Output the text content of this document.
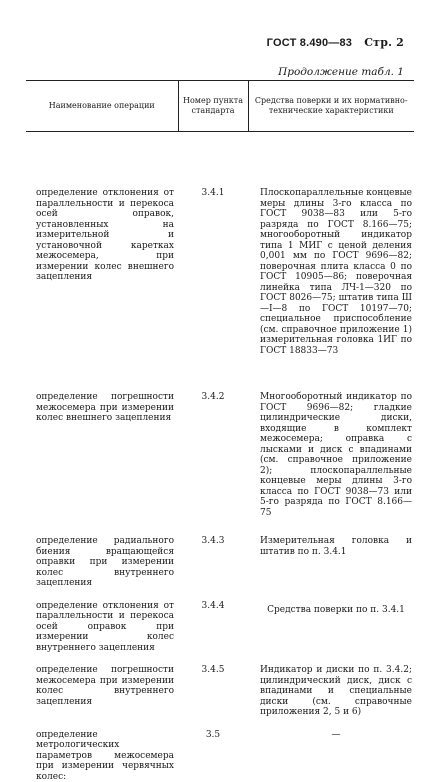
ГОСТ 8.490—83 Стр. 2
Продолжение табл. 1
Наименование операции	Номер пункта стандарта	Средства поверки и их нормативно-технические характеристики
определение отклонения от параллельности и перекоса осей оправок, установленных на измерительной и установочной каретках межосемера, при измерении колес внешнего зацепления	3.4.1	Плоскопараллельные концевые меры длины 3-го класса по ГОСТ 9038—83 или 5-го разряда по ГОСТ 8.166—75; многооборотный индикатор типа 1 МИГ с ценой деления 0,001 мм по ГОСТ 9696—82; поверочная плита класса 0 по ГОСТ 10905—86; поверочная линейка типа ЛЧ-1—320 по ГОСТ 8026—75; штатив типа Ш—I—8 по ГОСТ 10197—70; специальное приспособление (см. справочное приложение 1) измерительная головка 1ИГ по ГОСТ 18833—73
определение погрешности межосемера при измерении колес внешнего зацепления	3.4.2	Многооборотный индикатор по ГОСТ 9696—82; гладкие цилиндрические диски, входящие в комплект межосемера; оправка с лысками и диск с впадинами (см. справочное приложение 2); плоскопараллельные концевые меры длины 3-го класса по ГОСТ 9038—73 или 5-го разряда по ГОСТ 8.166—75
определение радиального биения вращающейся оправки при измерении колес внутреннего зацепления	3.4.3	Измерительная головка и штатив по п. 3.4.1
определение отклонения от параллельности и перекоса осей оправок при измерении колес внутреннего зацепления	3.4.4	Средства поверки по п. 3.4.1
определение погрешности межосемера при измерении колес внутреннего зацепления	3.4.5	Индикатор и диски по п. 3.4.2; цилиндрический диск, диск с впадинами и специальные диски (см. справочные приложения 2, 5 и 6)
определение метрологических параметров межосемера при измерении червячных колес:	3.5	—
